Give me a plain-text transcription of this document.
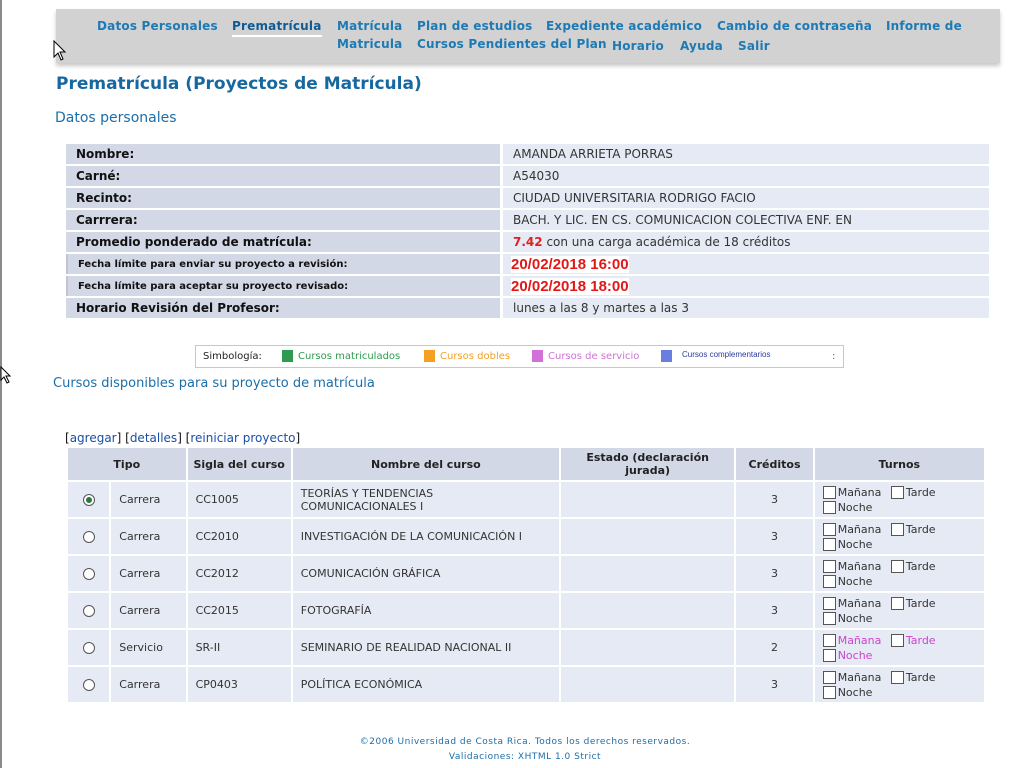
Datos Personales Prematrícula Matrícula Plan de estudios Expediente académico Cambio de contraseña Informe de
Matricula Cursos Pendientes del Plan Horario Ayuda Salir
Prematrícula (Proyectos de Matrícula)
Datos personales
Nombre:	AMANDA ARRIETA PORRAS
Carné:	A54030
Recinto:	CIUDAD UNIVERSITARIA RODRIGO FACIO
Carrrera:	BACH. Y LIC. EN CS. COMUNICACION COLECTIVA ENF. EN
Promedio ponderado de matrícula:	7.42 con una carga académica de 18 créditos
Fecha límite para enviar su proyecto a revisión:	20/02/2018 16:00
Fecha límite para aceptar su proyecto revisado:	20/02/2018 18:00
Horario Revisión del Profesor:	lunes a las 8 y martes a las 3
Simbología:	Cursos matriculados	Cursos dobles	Cursos de servicio	Cursos complementarios	:
Cursos disponibles para su proyecto de matrícula
[agregar] [detalles] [reiniciar proyecto]
Tipo		Sigla del curso	Nombre del curso	Estado (declaración jurada)	Créditos	Turnos
	Carrera	CC1005	TEORÍAS Y TENDENCIAS COMUNICACIONALES I		3	Mañana Tarde
Noche
	Carrera	CC2010	INVESTIGACIÓN DE LA COMUNICACIÓN I		3	Mañana Tarde
Noche
	Carrera	CC2012	COMUNICACIÓN GRÁFICA		3	Mañana Tarde
Noche
	Carrera	CC2015	FOTOGRAFÍA		3	Mañana Tarde
Noche
	Servicio	SR-II	SEMINARIO DE REALIDAD NACIONAL II		2	Mañana Tarde
Noche
	Carrera	CP0403	POLÍTICA ECONÓMICA		3	Mañana Tarde
Noche
©2006 Universidad de Costa Rica. Todos los derechos reservados.
Validaciones: XHTML 1.0 Strict
